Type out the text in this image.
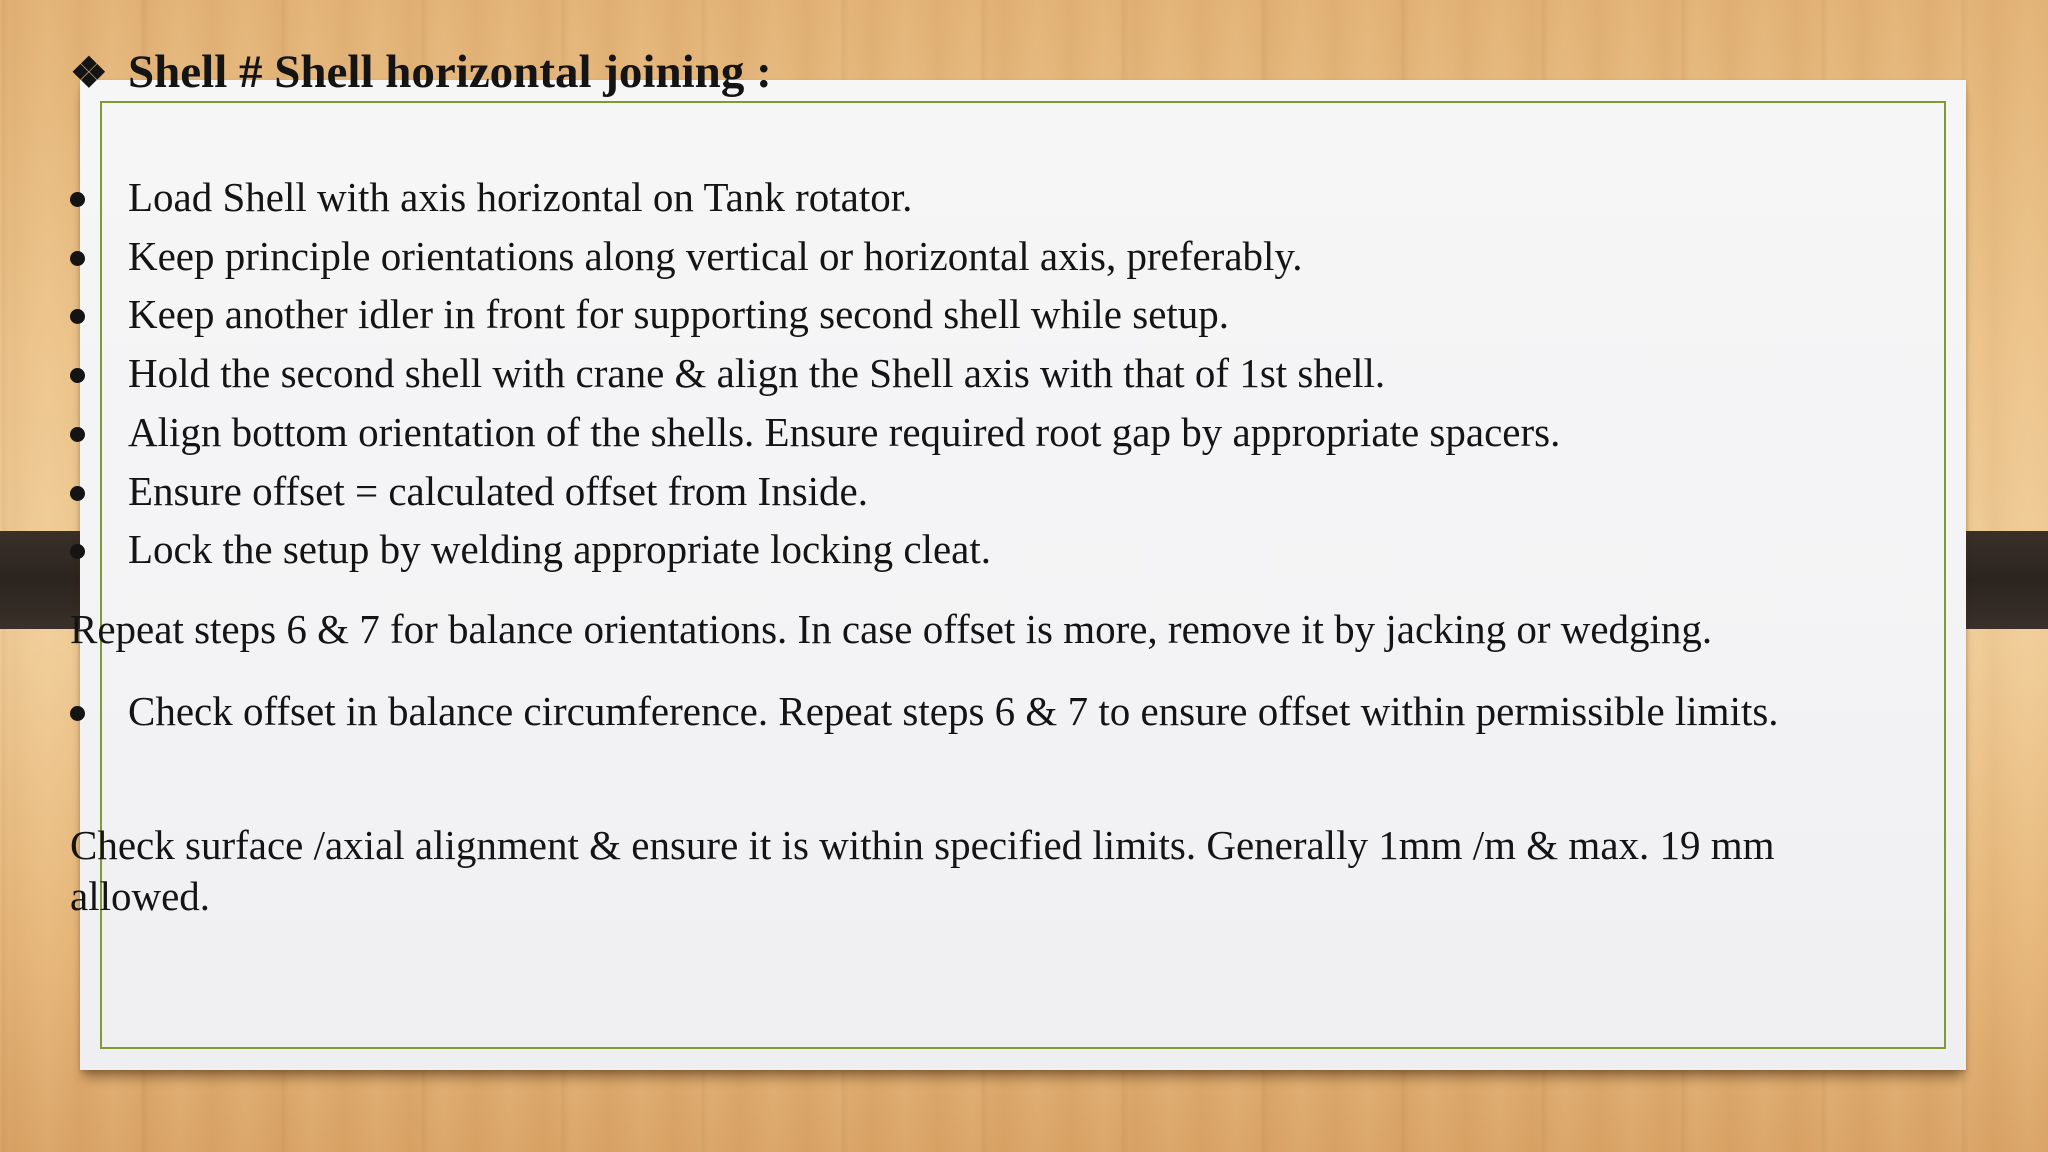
❖ Shell # Shell horizontal joining :
Load Shell with axis horizontal on Tank rotator.
Keep principle orientations along vertical or horizontal axis, preferably.
Keep another idler in front for supporting second shell while setup.
Hold the second shell with crane & align the Shell axis with that of 1st shell.
Align bottom orientation of the shells. Ensure required root gap by appropriate spacers.
Ensure offset = calculated offset from Inside.
Lock the setup by welding appropriate locking cleat.

Repeat steps 6 & 7 for balance orientations. In case offset is more, remove it by jacking or wedging.

Check offset in balance circumference. Repeat steps 6 & 7 to ensure offset within permissible limits.

Check surface /axial alignment & ensure it is within specified limits. Generally 1mm /m & max. 19 mm allowed.
